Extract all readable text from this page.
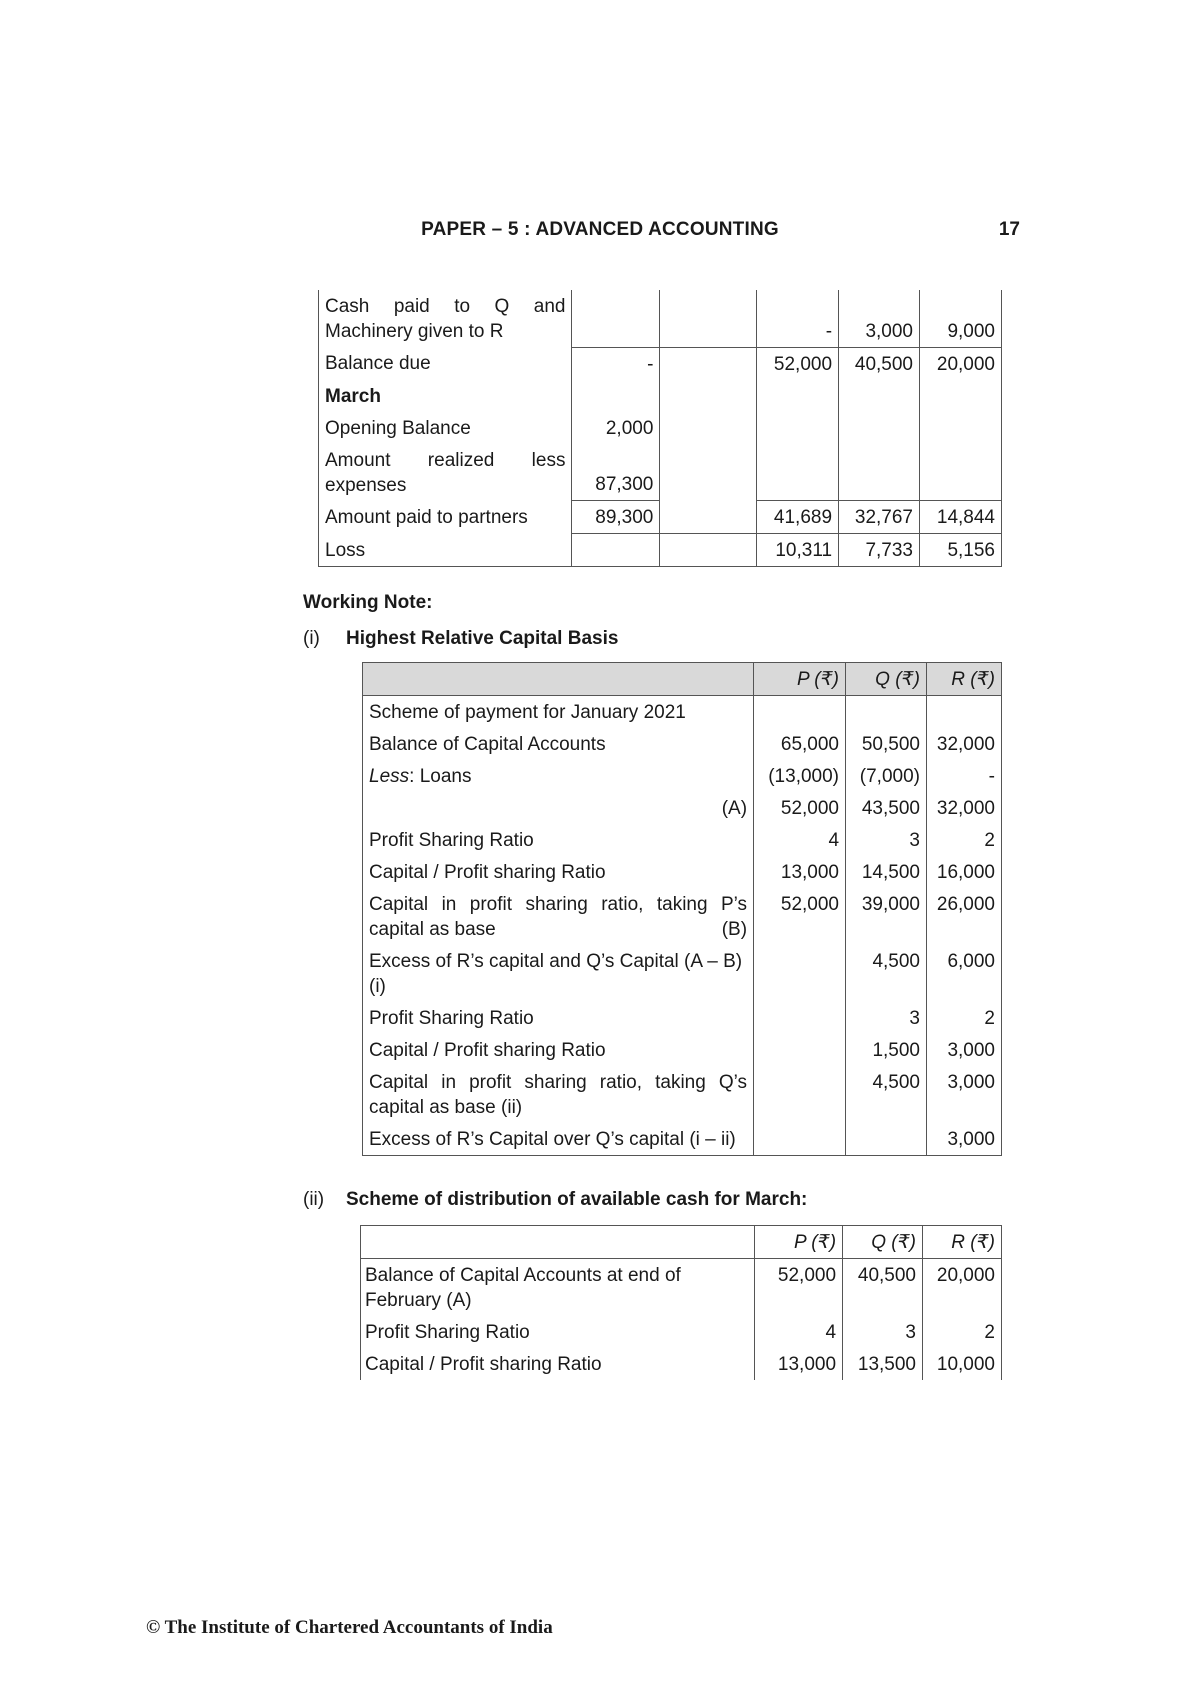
PAPER – 5 : ADVANCED ACCOUNTING	17
Cash paid to Q and Machinery given to R			-	3,000	9,000
Balance due	-		52,000	40,500	20,000
March					
Opening Balance	2,000				
Amount realized less expenses	87,300				
Amount paid to partners	89,300		41,689	32,767	14,844
Loss			10,311	7,733	5,156
Working Note:
(i) Highest Relative Capital Basis
	P (₹)	Q (₹)	R (₹)
Scheme of payment for January 2021			
Balance of Capital Accounts	65,000	50,500	32,000
Less: Loans	(13,000)	(7,000)	-
(A)	52,000	43,500	32,000
Profit Sharing Ratio	4	3	2
Capital / Profit sharing Ratio	13,000	14,500	16,000

Capital in profit sharing ratio, taking P’s capital as base (B)	52,000	39,000	26,000
Excess of R’s capital and Q’s Capital (A – B) (i)		4,500	6,000
Profit Sharing Ratio		3	2
Capital / Profit sharing Ratio		1,500	3,000
Capital in profit sharing ratio, taking Q’s capital as base (ii)		4,500	3,000
Excess of R’s Capital over Q’s capital (i – ii)			3,000
(ii) Scheme of distribution of available cash for March:
	P (₹)	Q (₹)	R (₹)
Balance of Capital Accounts at end of February (A)	52,000	40,500	20,000
Profit Sharing Ratio	4	3	2
Capital / Profit sharing Ratio	13,000	13,500	10,000
© The Institute of Chartered Accountants of India
